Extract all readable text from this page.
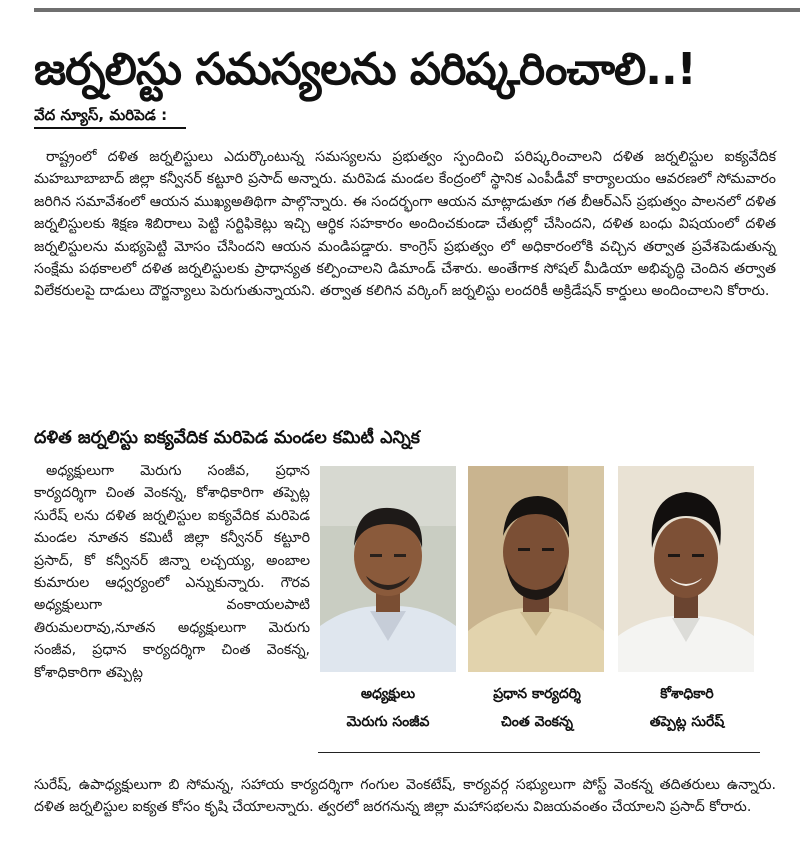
జర్నలిస్టు సమస్యలను పరిష్కరించాలి..!
వేద న్యూస్, మరిపెడ :

రాష్ట్రంలో దళిత జర్నలిస్టులు ఎదుర్కొంటున్న సమస్యలను ప్రభుత్వం స్పందించి పరిష్కరించాలని దళిత జర్నలిస్టుల ఐక్యవేదిక మహబూబాబాద్ జిల్లా కన్వీనర్ కట్టూరి ప్రసాద్ అన్నారు. మరిపెడ మండల కేంద్రంలో స్థానిక ఎంపీడీవో కార్యాలయం ఆవరణలో సోమవారం జరిగిన సమావేశంలో ఆయన ముఖ్యఅతిథిగా పాల్గొన్నారు. ఈ సందర్భంగా ఆయన మాట్లాడుతూ గత బీఆర్ఎస్ ప్రభుత్వం పాలనలో దళిత జర్నలిస్టులకు శిక్షణ శిబిరాలు పెట్టి సర్టిఫికెట్లు ఇచ్చి ఆర్థిక సహకారం అందించకుండా చేతుల్లో చేసిందని, దళిత బంధు విషయంలో దళిత జర్నలిస్టులను మభ్యపెట్టి మోసం చేసిందని ఆయన మండిపడ్డారు. కాంగ్రెస్ ప్రభుత్వం లో అధికారంలోకి వచ్చిన తర్వాత ప్రవేశపెడుతున్న సంక్షేమ పథకాలలో దళిత జర్నలిస్టులకు ప్రాధాన్యత కల్పించాలని డిమాండ్ చేశారు. అంతేగాక సోషల్ మీడియా అభివృద్ధి చెందిన తర్వాత విలేకరులపై దాడులు దౌర్జన్యాలు పెరుగుతున్నాయని. తర్వాత కలిగిన వర్కింగ్ జర్నలిస్టు లందరికీ అక్రిడేషన్ కార్డులు అందించాలని కోరారు.

దళిత జర్నలిస్టు ఐక్యవేదిక మరిపెడ మండల కమిటీ ఎన్నిక

అధ్యక్షులుగా మెరుగు సంజీవ, ప్రధాన కార్యదర్శిగా చింత వెంకన్న, కోశాధికారిగా తప్పెట్ల సురేష్ లను దళిత జర్నలిస్టుల ఐక్యవేదిక మరిపెడ మండల నూతన కమిటీ జిల్లా కన్వీనర్ కట్టూరి ప్రసాద్, కో కన్వీనర్ జిన్నా లచ్చయ్య, అంబాల కుమారుల ఆధ్వర్యంలో ఎన్నుకున్నారు. గౌరవ అధ్యక్షులుగా వంకాయలపాటి తిరుమలరావు,నూతన అధ్యక్షులుగా మెరుగు సంజీవ, ప్రధాన కార్యదర్శిగా చింత వెంకన్న, కోశాధికారిగా తప్పెట్ల

అధ్యక్షులు
మెరుగు సంజీవ
ప్రధాన కార్యదర్శి
చింత వెంకన్న
కోశాధికారి
తప్పెట్ల సురేష్

సురేష్, ఉపాధ్యక్షులుగా బి సోమన్న, సహాయ కార్యదర్శిగా గంగుల వెంకటేష్, కార్యవర్గ సభ్యులుగా పోస్ట్ వెంకన్న తదితరులు ఉన్నారు. దళిత జర్నలిస్టుల ఐక్యత కోసం కృషి చేయాలన్నారు. త్వరలో జరగనున్న జిల్లా మహాసభలను విజయవంతం చేయాలని ప్రసాద్ కోరారు.
